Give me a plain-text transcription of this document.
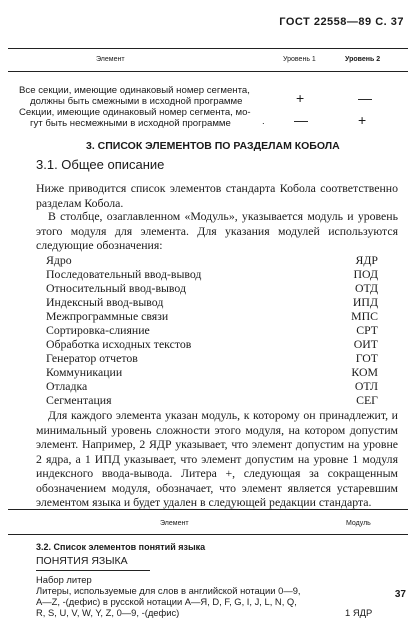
ГОСТ 22558—89 С. 37
Элемент	Уровень 1	Уровень 2
Все секции, имеющие одинаковый номер сегмента,
должны быть смежными в исходной программе	+	—
Секции, имеющие одинаковый номер сегмента, мо-
гут быть несмежными в исходной программе	. —	+
3. СПИСОК ЭЛЕМЕНТОВ ПО РАЗДЕЛАМ КОБОЛА
3.1. Общее описание
Ниже приводится список элементов стандарта Кобола соответственно разделам Кобола.
В столбце, озаглавленном «Модуль», указывается модуль и уровень этого модуля для элемента. Для указания модулей используются следующие обозначения:
Ядро	ЯДР
Последовательный ввод-вывод	ПОД
Относительный ввод-вывод	ОТД
Индексный ввод-вывод	ИПД
Межпрограммные связи	МПС
Сортировка-слияние	СРТ
Обработка исходных текстов	ОИТ
Генератор отчетов	ГОТ
Коммуникации	КОМ
Отладка	ОТЛ
Сегментация	СЕГ
Для каждого элемента указан модуль, к которому он принадлежит, и минимальный уровень сложности этого модуля, на котором допустим элемент. Например, 2 ЯДР указывает, что элемент допустим на уровне 2 ядра, а 1 ИПД указывает, что элемент допустим на уровне 1 модуля индексного ввода-вывода. Литера +, следующая за сокращенным обозначением модуля, обозначает, что элемент является устаревшим элементом языка и будет удален в следующей редакции стандарта.
Элемент	Модуль
3.2. Список элементов понятий языка
ПОНЯТИЯ ЯЗЫКА
Набор литер
Литеры, используемые для слов в английской нотации 0—9,
А—Z, -(дефис) в русской нотации А—Я, D, F, G, I, J, L, N, Q,
R, S, U, V, W, Y, Z, 0—9, -(дефис)	1 ЯДР
37
